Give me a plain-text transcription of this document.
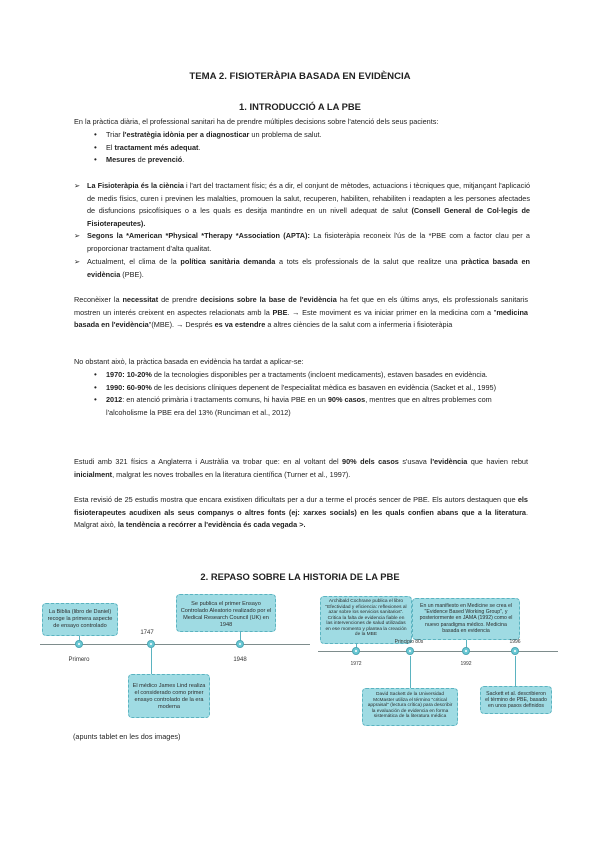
TEMA 2. FISIOTERÀPIA BASADA EN EVIDÈNCIA
1. INTRODUCCIÓ A LA PBE
En la pràctica diària, el professional sanitari ha de prendre múltiples decisions sobre l'atenció dels seus pacients:
• Triar l'estratègia idònia per a diagnosticar un problema de salut.
• El tractament més adequat.
• Mesures de prevenció.
➢ La Fisioteràpia és la ciència i l'art del tractament físic; és a dir, el conjunt de mètodes, actuacions i tècniques que, mitjançant l'aplicació de medis físics, curen i previnen les malalties, promouen la salut, recuperen, habiliten, rehabiliten i readapten a les persones afectades de disfuncions psicofísiques o a les quals es desitja mantindre en un nivell adequat de salut (Consell General de Col·legis de Fisioterapeutes).
➢ Segons la *American *Physical *Therapy *Association (APTA): La fisioteràpia reconeix l'ús de la *PBE com a factor clau per a proporcionar tractament d'alta qualitat.
➢ Actualment, el clima de la política sanitària demanda a tots els professionals de la salut que realitze una pràctica basada en evidència (PBE).
Reconèixer la necessitat de prendre decisions sobre la base de l'evidència ha fet que en els últims anys, els professionals sanitaris mostren un interés creixent en aspectes relacionats amb la PBE. → Este moviment es va iniciar primer en la medicina com a "medicina basada en l'evidència"(MBE). → Després es va estendre a altres ciències de la salut com a infermeria i fisioteràpia
No obstant això, la pràctica basada en evidència ha tardat a aplicar-se:
• 1970: 10-20% de la tecnologies disponibles per a tractaments (incloent medicaments), estaven basades en evidència.
• 1990: 60-90% de les decisions clíniques depenent de l'especialitat mèdica es basaven en evidència (Sacket et al., 1995)
• 2012: en atenció primària i tractaments comuns, hi havia PBE en un 90% casos, mentres que en altres problemes com l'alcoholisme la PBE era del 13% (Runciman et al., 2012)
Estudi amb 321 físics a Anglaterra i Austràlia va trobar que: en al voltant del 90% dels casos s'usava l'evidència que havien rebut inicialment, malgrat les noves troballes en la literatura científica (Turner et al., 1997).
Esta revisió de 25 estudis mostra que encara existixen dificultats per a dur a terme el procés sencer de PBE. Els autors destaquen que els fisioterapeutes acudixen als seus companys o altres fonts (ej: xarxes socials) en les quals confien abans que a la literatura. Malgrat això, la tendència a recórrer a l'evidència és cada vegada >.
2. REPASO SOBRE LA HISTORIA DE LA PBE
La Biblia (libro de Daniel) recoge la primera aspecte de ensayo controlado
Se publica el primer Ensayo Controlado Aleatorio realizado por el Medical Research Council (UK) en 1948
El médico James Lind realiza el considerado como primer ensayo controlado de la era moderna
Primero
1747
1948
Archibald Cochrane publica el libro "Efectividad y eficiencia: reflexiones al azar sobre los servicios sanitarios". Critica la falta de evidencia fiable en las intervenciones de salud utilizadas en ese momento y plantea la creación de la MBE
En un manifiesto en Medicine se crea el "Evidence Based Working Group", y posteriormente en JAMA (1992) como el nuevo paradigma médico. Medicina basada en evidencia
David Sackett de la Universidad McMaster utiliza el término "critical appraisal" (lectura crítica) para describir la evaluación de evidencia en forma sistemática de la literatura médica
Sackett et al. describieron el término de PBE, basado en unos pasos definidos
1972
Principio 80s
1992
1996
(apunts tablet en les dos images)
